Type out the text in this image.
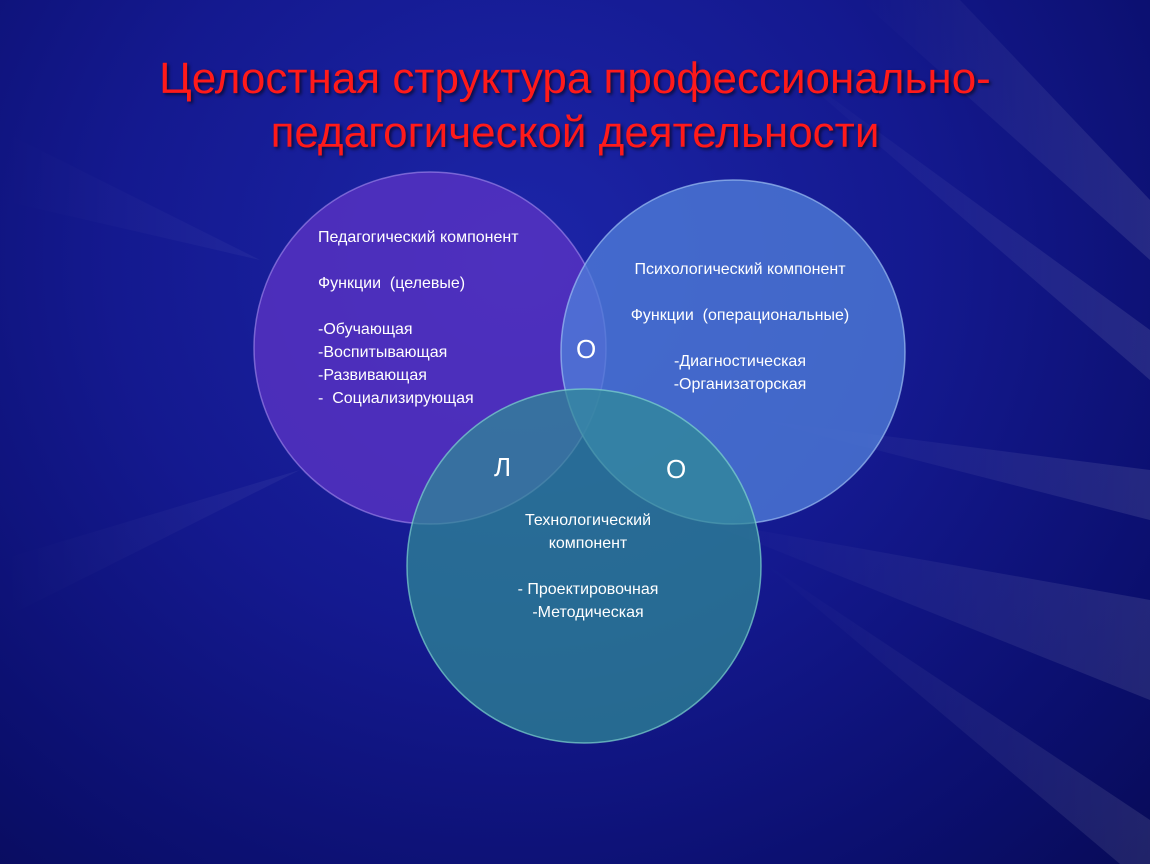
Целостная структура профессионально-
педагогической деятельности
Педагогический компонент
Функции  (целевые)
-Обучающая
-Воспитывающая
-Развивающая
-  Социализирующая
Психологический компонент
Функции  (операциональные)
-Диагностическая
-Организаторская
Технологический
компонент
- Проектировочная
-Методическая
О
Л	О
